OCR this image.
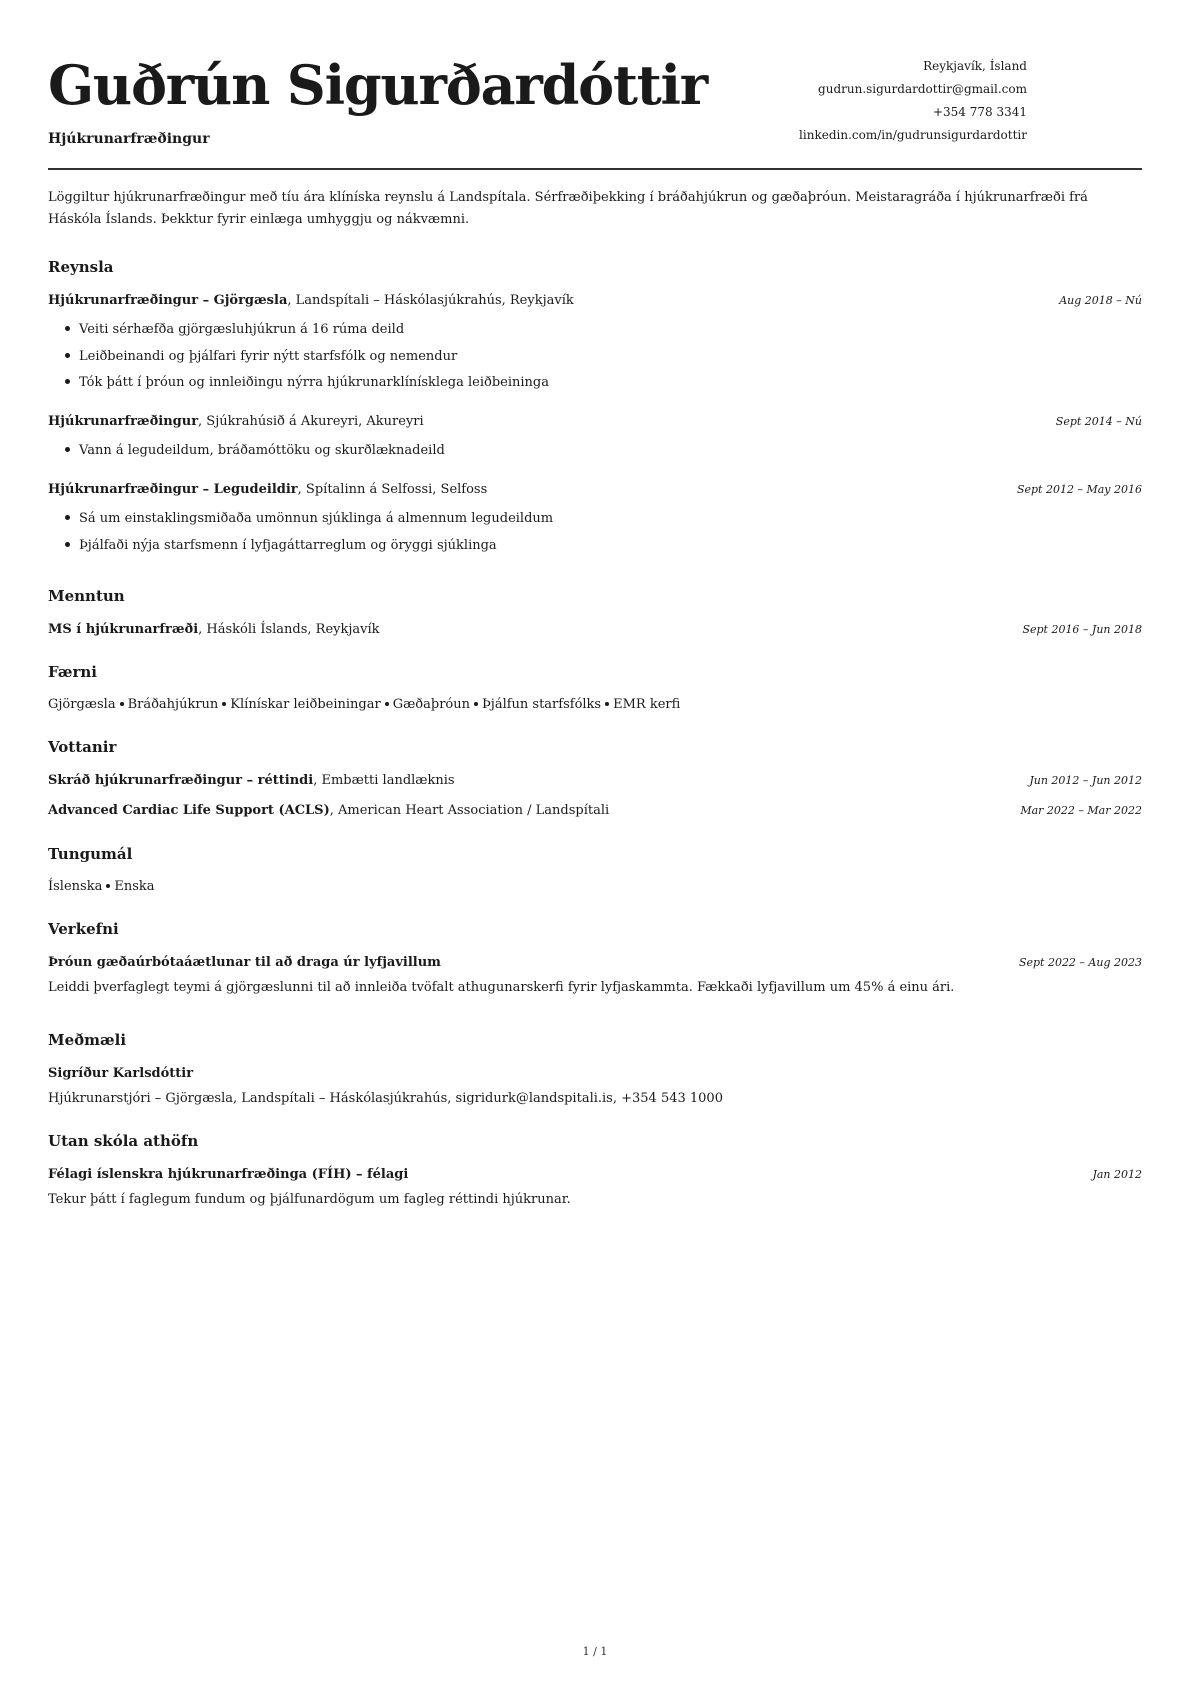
Guðrún Sigurðardóttir
Hjúkrunarfræðingur
Reykjavík, Ísland
gudrun.sigurdardottir@gmail.com
+354 778 3341
linkedin.com/in/gudrunsigurdardottir
Löggiltur hjúkrunarfræðingur með tíu ára klíníska reynslu á Landspítala. Sérfræðiþekking í bráðahjúkrun og gæðaþróun. Meistaragráða í hjúkrunarfræði frá Háskóla Íslands. Þekktur fyrir einlæga umhyggju og nákvæmni.
Reynsla
Hjúkrunarfræðingur – Gjörgæsla, Landspítali – Háskólasjúkrahús, Reykjavík	Aug 2018 – Nú
Veiti sérhæfða gjörgæsluhjúkrun á 16 rúma deild
Leiðbeinandi og þjálfari fyrir nýtt starfsfólk og nemendur
Tók þátt í þróun og innleiðingu nýrra hjúkrunarklínísklega leiðbeininga
Hjúkrunarfræðingur, Sjúkrahúsið á Akureyri, Akureyri	Sept 2014 – Nú
Vann á legudeildum, bráðamóttöku og skurðlæknadeild
Hjúkrunarfræðingur – Legudeildir, Spítalinn á Selfossi, Selfoss	Sept 2012 – May 2016
Sá um einstaklingsmiðaða umönnun sjúklinga á almennum legudeildum
Þjálfaði nýja starfsmenn í lyfjagáttarreglum og öryggi sjúklinga
Menntun
MS í hjúkrunarfræði, Háskóli Íslands, Reykjavík	Sept 2016 – Jun 2018
Færni
Gjörgæsla Bráðahjúkrun Klínískar leiðbeiningar Gæðaþróun Þjálfun starfsfólks EMR kerfi
Vottanir
Skráð hjúkrunarfræðingur – réttindi, Embætti landlæknis	Jun 2012 – Jun 2012
Advanced Cardiac Life Support (ACLS), American Heart Association / Landspítali	Mar 2022 – Mar 2022
Tungumál
Íslenska Enska
Verkefni
Þróun gæðaúrbótaáætlunar til að draga úr lyfjavillum	Sept 2022 – Aug 2023
Leiddi þverfaglegt teymi á gjörgæslunni til að innleiða tvöfalt athugunarskerfi fyrir lyfjaskammta. Fækkaði lyfjavillum um 45% á einu ári.
Meðmæli
Sigríður Karlsdóttir
Hjúkrunarstjóri – Gjörgæsla, Landspítali – Háskólasjúkrahús, sigridurk@landspitali.is, +354 543 1000
Utan skóla athöfn
Félagi íslenskra hjúkrunarfræðinga (FÍH) – félagi	Jan 2012
Tekur þátt í faglegum fundum og þjálfunardögum um fagleg réttindi hjúkrunar.
1 / 1
